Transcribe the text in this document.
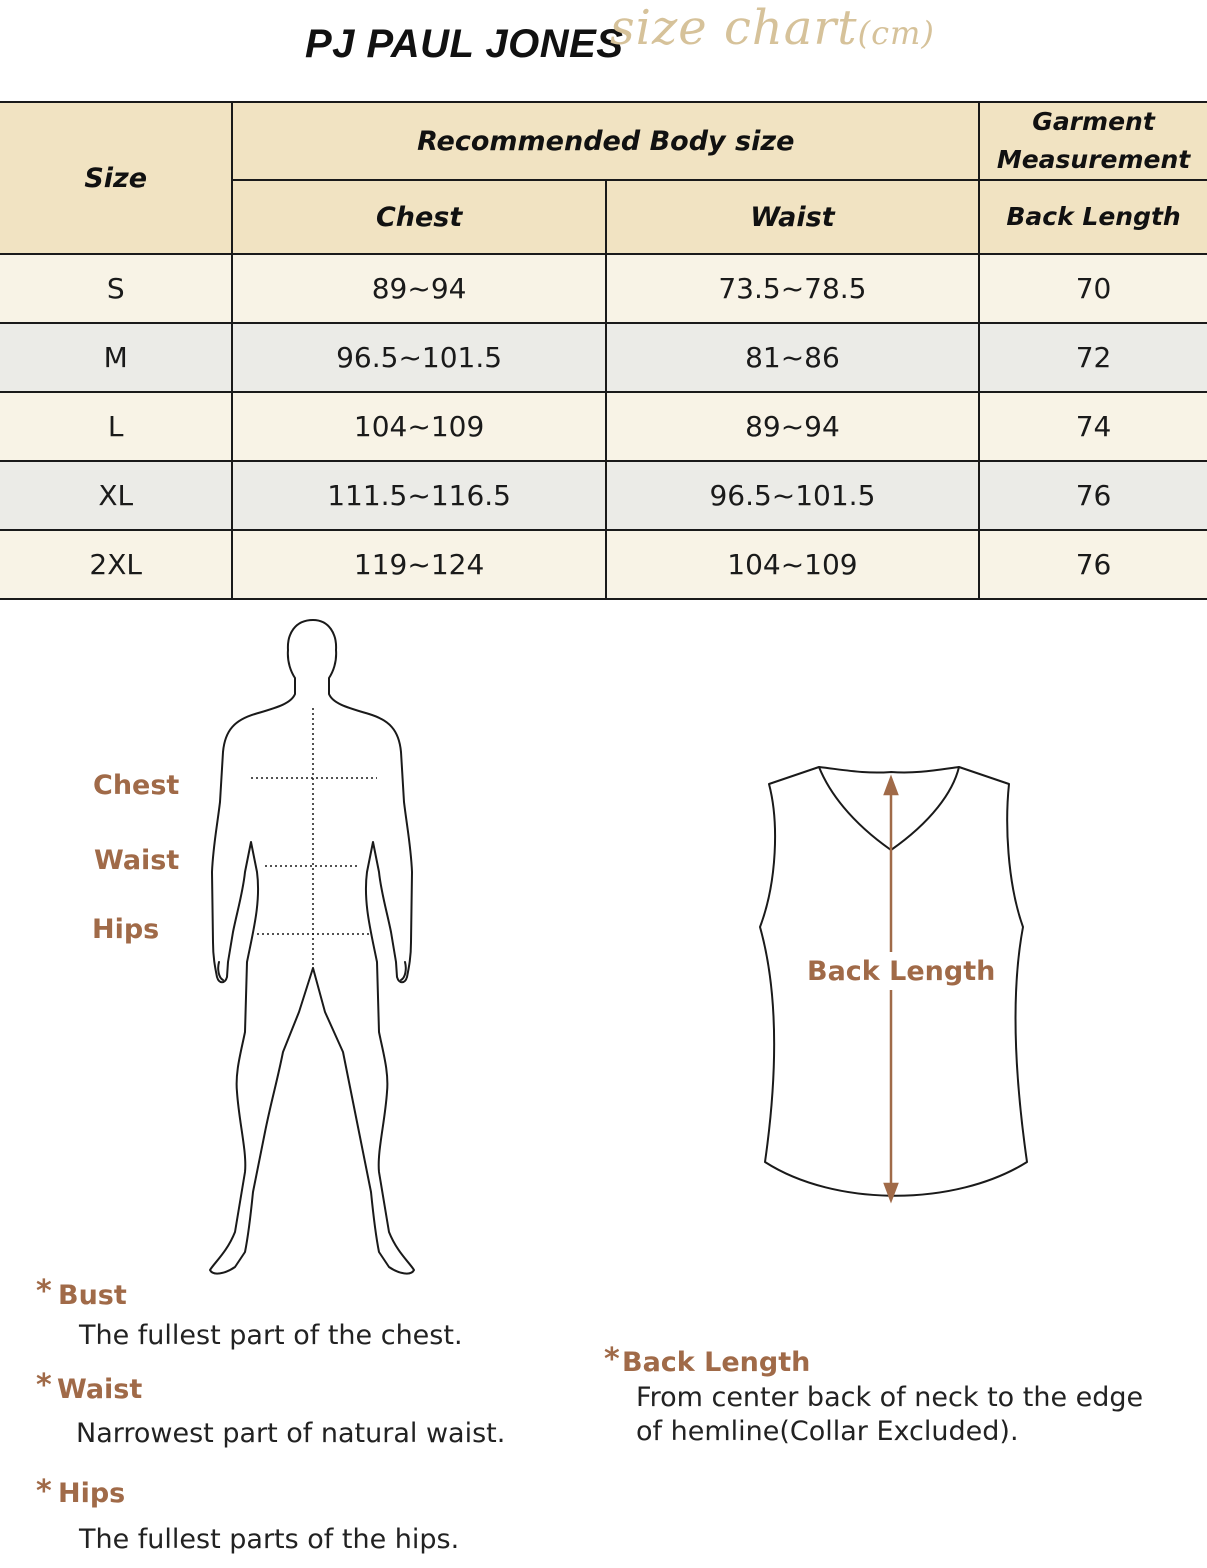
PJ PAUL JONES
size chart(cm)
Size	Recommended Body size		Garment
Measurement
	Chest	Waist	Back Length
S	89~94	73.5~78.5	70
M	96.5~101.5	81~86	72
L	104~109	89~94	74
XL	111.5~116.5	96.5~101.5	76
2XL	119~124	104~109	76
Chest
Waist
Hips
Back Length
* Bust
The fullest part of the chest.
* Waist
Narrowest part of natural waist.
* Hips
The fullest parts of the hips.
* Back Length
From center back of neck to the edge
of hemline(Collar Excluded).
